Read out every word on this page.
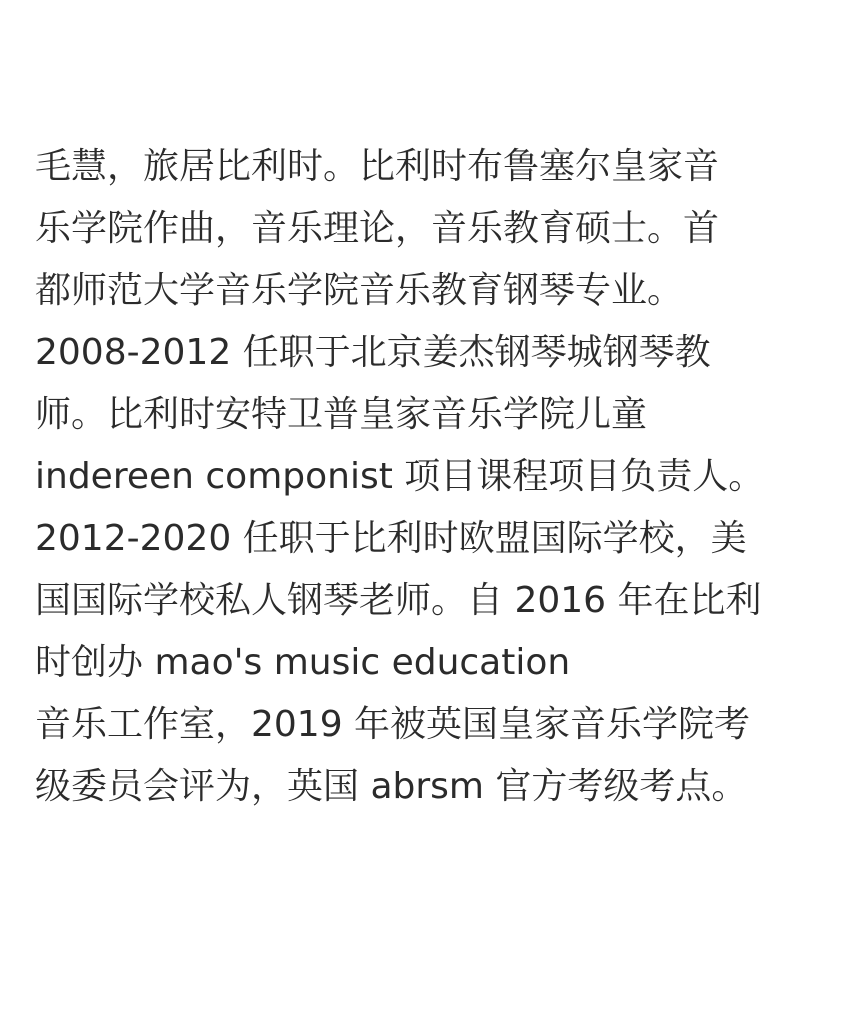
毛慧，旅居比利时。比利时布鲁塞尔皇家音
乐学院作曲，音乐理论，音乐教育硕士。首
都师范大学音乐学院音乐教育钢琴专业。
2008-2012 任职于北京姜杰钢琴城钢琴教
师。比利时安特卫普皇家音乐学院儿童
indereen componist 项目课程项目负责人。
2012-2020 任职于比利时欧盟国际学校，美
国国际学校私人钢琴老师。自 2016 年在比利
时创办 mao's music education
音乐工作室，2019 年被英国皇家音乐学院考
级委员会评为，英国 abrsm 官方考级考点。
